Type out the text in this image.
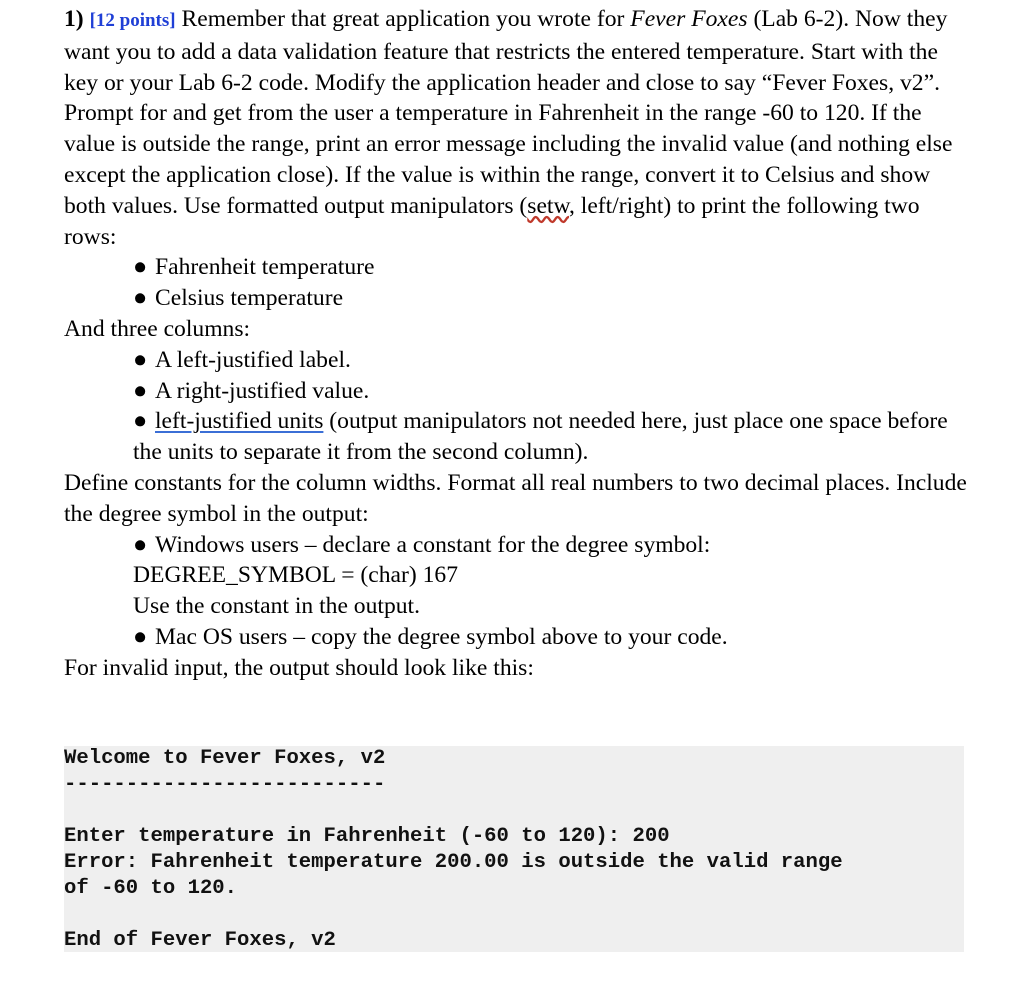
1) [12 points] Remember that great application you wrote for Fever Foxes (Lab 6-2). Now they want you to add a data validation feature that restricts the entered temperature. Start with the key or your Lab 6-2 code. Modify the application header and close to say “Fever Foxes, v2”. Prompt for and get from the user a temperature in Fahrenheit in the range -60 to 120. If the value is outside the range, print an error message including the invalid value (and nothing else except the application close). If the value is within the range, convert it to Celsius and show both values. Use formatted output manipulators (setw, left/right) to print the following two rows:

● Fahrenheit temperature

● Celsius temperature

And three columns:

● A left-justified label.

● A right-justified value.

● left-justified units (output manipulators not needed here, just place one space before the units to separate it from the second column).

Define constants for the column widths. Format all real numbers to two decimal places. Include the degree symbol in the output:

● Windows users – declare a constant for the degree symbol:

DEGREE_SYMBOL = (char) 167

Use the constant in the output.

● Mac OS users – copy the degree symbol above to your code.

For invalid input, the output should look like this:

Welcome to Fever Foxes, v2
--------------------------
Enter temperature in Fahrenheit (-60 to 120): 200
Error: Fahrenheit temperature 200.00 is outside the valid range
of -60 to 120.
End of Fever Foxes, v2
